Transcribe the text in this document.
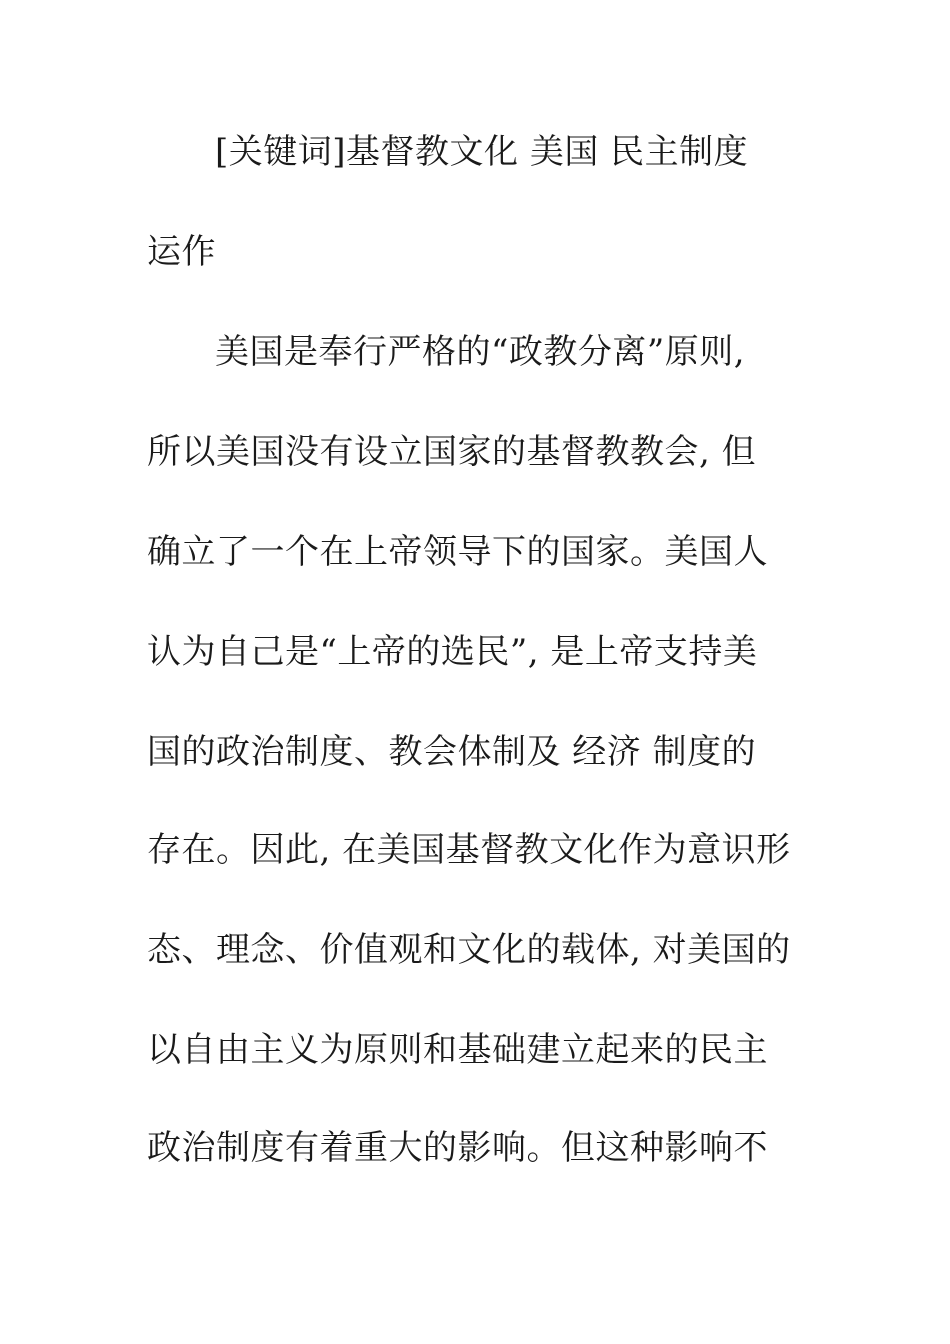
[关键词]基督教文化 美国 民主制度
运作
美国是奉行严格的“政教分离”原则,
所以美国没有设立国家的基督教教会, 但
确立了一个在上帝领导下的国家。美国人
认为自己是“上帝的选民”, 是上帝支持美
国的政治制度、教会体制及 经济 制度的
存在。因此, 在美国基督教文化作为意识形
态、理念、价值观和文化的载体, 对美国的
以自由主义为原则和基础建立起来的民主
政治制度有着重大的影响。但这种影响不
